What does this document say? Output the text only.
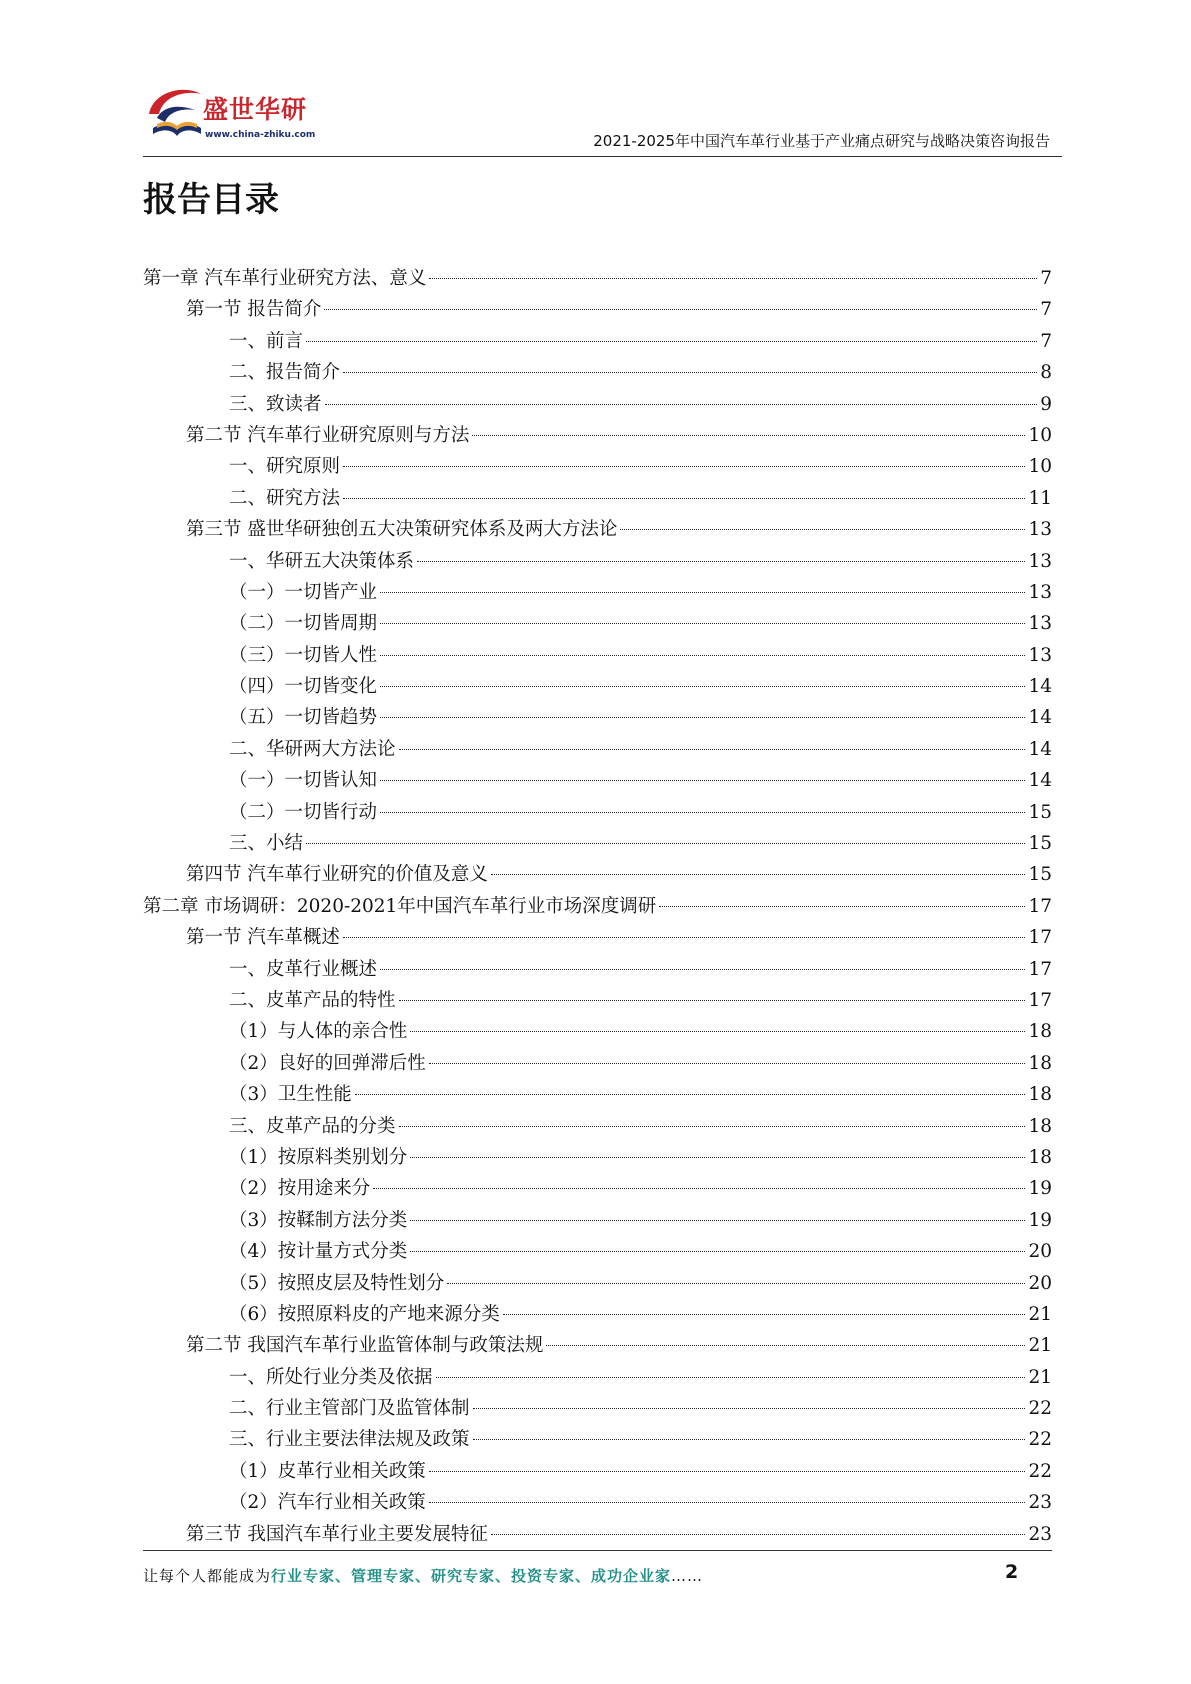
盛世华研
www.china-zhiku.com	2021-2025年中国汽车革行业基于产业痛点研究与战略决策咨询报告
报告目录
第一章 汽车革行业研究方法、意义	7
第一节 报告简介	7
一、前言	7
二、报告简介	8
三、致读者	9
第二节 汽车革行业研究原则与方法	10
一、研究原则	10
二、研究方法	11
第三节 盛世华研独创五大决策研究体系及两大方法论	13
一、华研五大决策体系	13
（一）一切皆产业	13
（二）一切皆周期	13
（三）一切皆人性	13
（四）一切皆变化	14
（五）一切皆趋势	14
二、华研两大方法论	14
（一）一切皆认知	14
（二）一切皆行动	15
三、小结	15
第四节 汽车革行业研究的价值及意义	15
第二章 市场调研：2020-2021年中国汽车革行业市场深度调研	17
第一节 汽车革概述	17
一、皮革行业概述	17
二、皮革产品的特性	17
（1）与人体的亲合性	18
（2）良好的回弹滞后性	18
（3）卫生性能	18
三、皮革产品的分类	18
（1）按原料类别划分	18
（2）按用途来分	19
（3）按鞣制方法分类	19
（4）按计量方式分类	20
（5）按照皮层及特性划分	20
（6）按照原料皮的产地来源分类	21
第二节 我国汽车革行业监管体制与政策法规	21
一、所处行业分类及依据	21
二、行业主管部门及监管体制	22
三、行业主要法律法规及政策	22
（1）皮革行业相关政策	22
（2）汽车行业相关政策	23
第三节 我国汽车革行业主要发展特征	23
让每个人都能成为行业专家、管理专家、研究专家、投资专家、成功企业家……	2
